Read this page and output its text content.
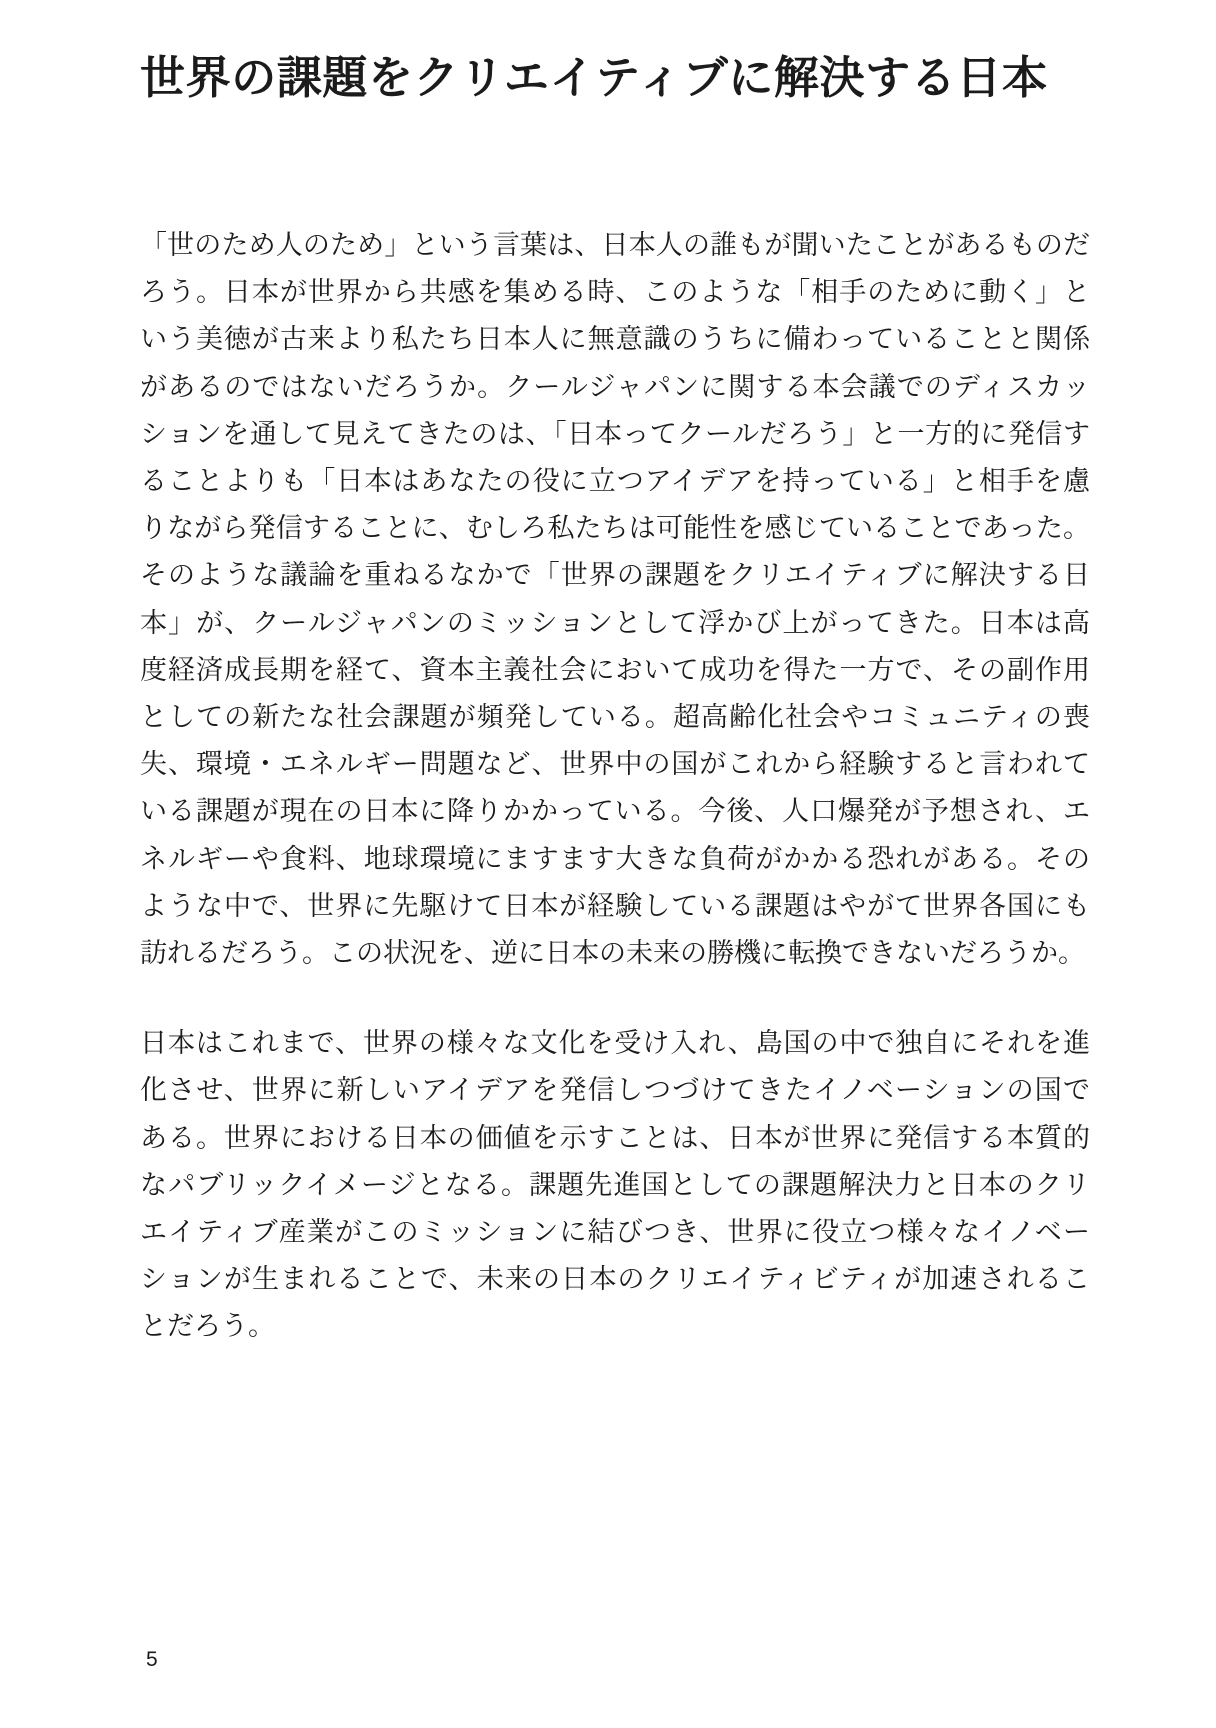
世界の課題をクリエイティブに解決する日本
「世のため人のため」という言葉は、日本人の誰もが聞いたことがあるものだ
ろう。日本が世界から共感を集める時、このような「相手のために動く」と
いう美徳が古来より私たち日本人に無意識のうちに備わっていることと関係
があるのではないだろうか。クールジャパンに関する本会議でのディスカッ
ションを通して見えてきたのは、「日本ってクールだろう」と一方的に発信す
ることよりも「日本はあなたの役に立つアイデアを持っている」と相手を慮
りながら発信することに、むしろ私たちは可能性を感じていることであった。
そのような議論を重ねるなかで「世界の課題をクリエイティブに解決する日
本」が、クールジャパンのミッションとして浮かび上がってきた。日本は高
度経済成長期を経て、資本主義社会において成功を得た一方で、その副作用
としての新たな社会課題が頻発している。超高齢化社会やコミュニティの喪
失、環境・エネルギー問題など、世界中の国がこれから経験すると言われて
いる課題が現在の日本に降りかかっている。今後、人口爆発が予想され、エ
ネルギーや食料、地球環境にますます大きな負荷がかかる恐れがある。その
ような中で、世界に先駆けて日本が経験している課題はやがて世界各国にも
訪れるだろう。この状況を、逆に日本の未来の勝機に転換できないだろうか。
日本はこれまで、世界の様々な文化を受け入れ、島国の中で独自にそれを進
化させ、世界に新しいアイデアを発信しつづけてきたイノベーションの国で
ある。世界における日本の価値を示すことは、日本が世界に発信する本質的
なパブリックイメージとなる。課題先進国としての課題解決力と日本のクリ
エイティブ産業がこのミッションに結びつき、世界に役立つ様々なイノベー
ションが生まれることで、未来の日本のクリエイティビティが加速されるこ
とだろう。
5
